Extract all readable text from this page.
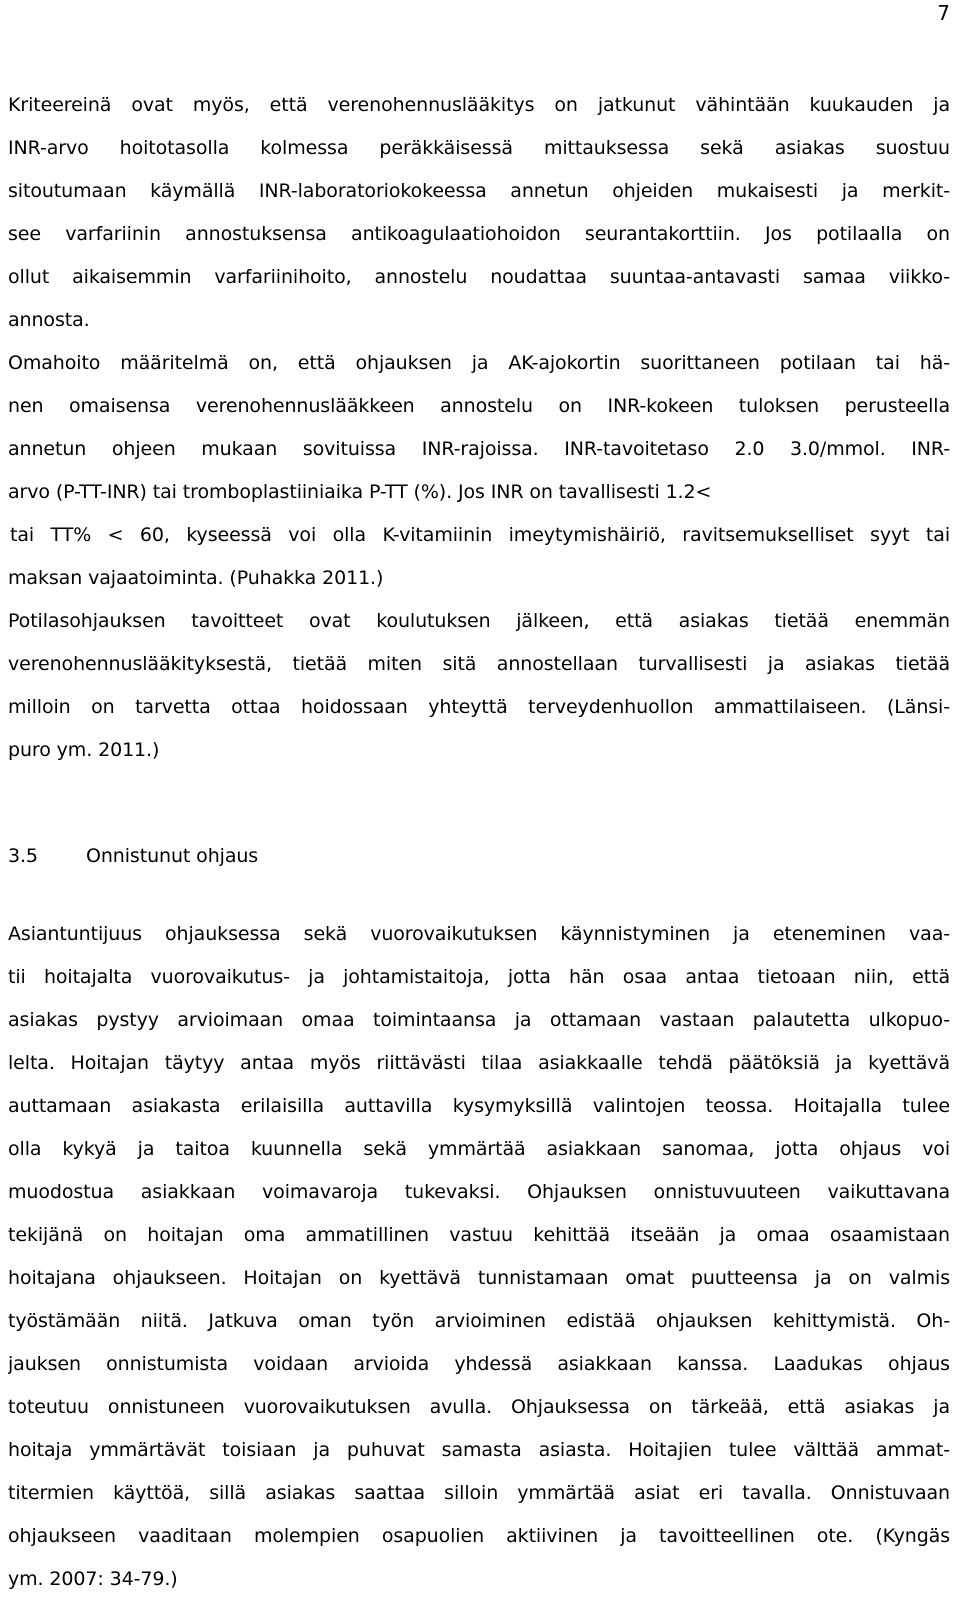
7
Kriteereinä ovat myös, että verenohennuslääkitys on jatkunut vähintään kuukauden ja
INR-arvo hoitotasolla kolmessa peräkkäisessä mittauksessa sekä asiakas suostuu
sitoutumaan käymällä INR-laboratoriokokeessa annetun ohjeiden mukaisesti ja merkit-
see varfariinin annostuksensa antikoagulaatiohoidon seurantakorttiin. Jos potilaalla on
ollut aikaisemmin varfariinihoito, annostelu noudattaa suuntaa-antavasti samaa viikko-
annosta.
Omahoito määritelmä on, että ohjauksen ja AK-ajokortin suorittaneen potilaan tai hä-
nen omaisensa verenohennuslääkkeen annostelu on INR-kokeen tuloksen perusteella
annetun ohjeen mukaan sovituissa INR-rajoissa. INR-tavoitetaso 2.0 3.0/mmol. INR-
arvo (P-TT-INR) tai tromboplastiiniaika P-TT (%). Jos INR on tavallisesti 1.2<
tai TT% < 60, kyseessä voi olla K-vitamiinin imeytymishäiriö, ravitsemukselliset syyt tai
maksan vajaatoiminta. (Puhakka 2011.)
Potilasohjauksen tavoitteet ovat koulutuksen jälkeen, että asiakas tietää enemmän
verenohennuslääkityksestä, tietää miten sitä annostellaan turvallisesti ja asiakas tietää
milloin on tarvetta ottaa hoidossaan yhteyttä terveydenhuollon ammattilaiseen. (Länsi-
puro ym. 2011.)
3.5	Onnistunut ohjaus
Asiantuntijuus ohjauksessa sekä vuorovaikutuksen käynnistyminen ja eteneminen vaa-
tii hoitajalta vuorovaikutus- ja johtamistaitoja, jotta hän osaa antaa tietoaan niin, että
asiakas pystyy arvioimaan omaa toimintaansa ja ottamaan vastaan palautetta ulkopuo-
lelta. Hoitajan täytyy antaa myös riittävästi tilaa asiakkaalle tehdä päätöksiä ja kyettävä
auttamaan asiakasta erilaisilla auttavilla kysymyksillä valintojen teossa. Hoitajalla tulee
olla kykyä ja taitoa kuunnella sekä ymmärtää asiakkaan sanomaa, jotta ohjaus voi
muodostua asiakkaan voimavaroja tukevaksi. Ohjauksen onnistuvuuteen vaikuttavana
tekijänä on hoitajan oma ammatillinen vastuu kehittää itseään ja omaa osaamistaan
hoitajana ohjaukseen. Hoitajan on kyettävä tunnistamaan omat puutteensa ja on valmis
työstämään niitä. Jatkuva oman työn arvioiminen edistää ohjauksen kehittymistä. Oh-
jauksen onnistumista voidaan arvioida yhdessä asiakkaan kanssa. Laadukas ohjaus
toteutuu onnistuneen vuorovaikutuksen avulla. Ohjauksessa on tärkeää, että asiakas ja
hoitaja ymmärtävät toisiaan ja puhuvat samasta asiasta. Hoitajien tulee välttää ammat-
titermien käyttöä, sillä asiakas saattaa silloin ymmärtää asiat eri tavalla. Onnistuvaan
ohjaukseen vaaditaan molempien osapuolien aktiivinen ja tavoitteellinen ote. (Kyngäs
ym. 2007: 34-79.)
